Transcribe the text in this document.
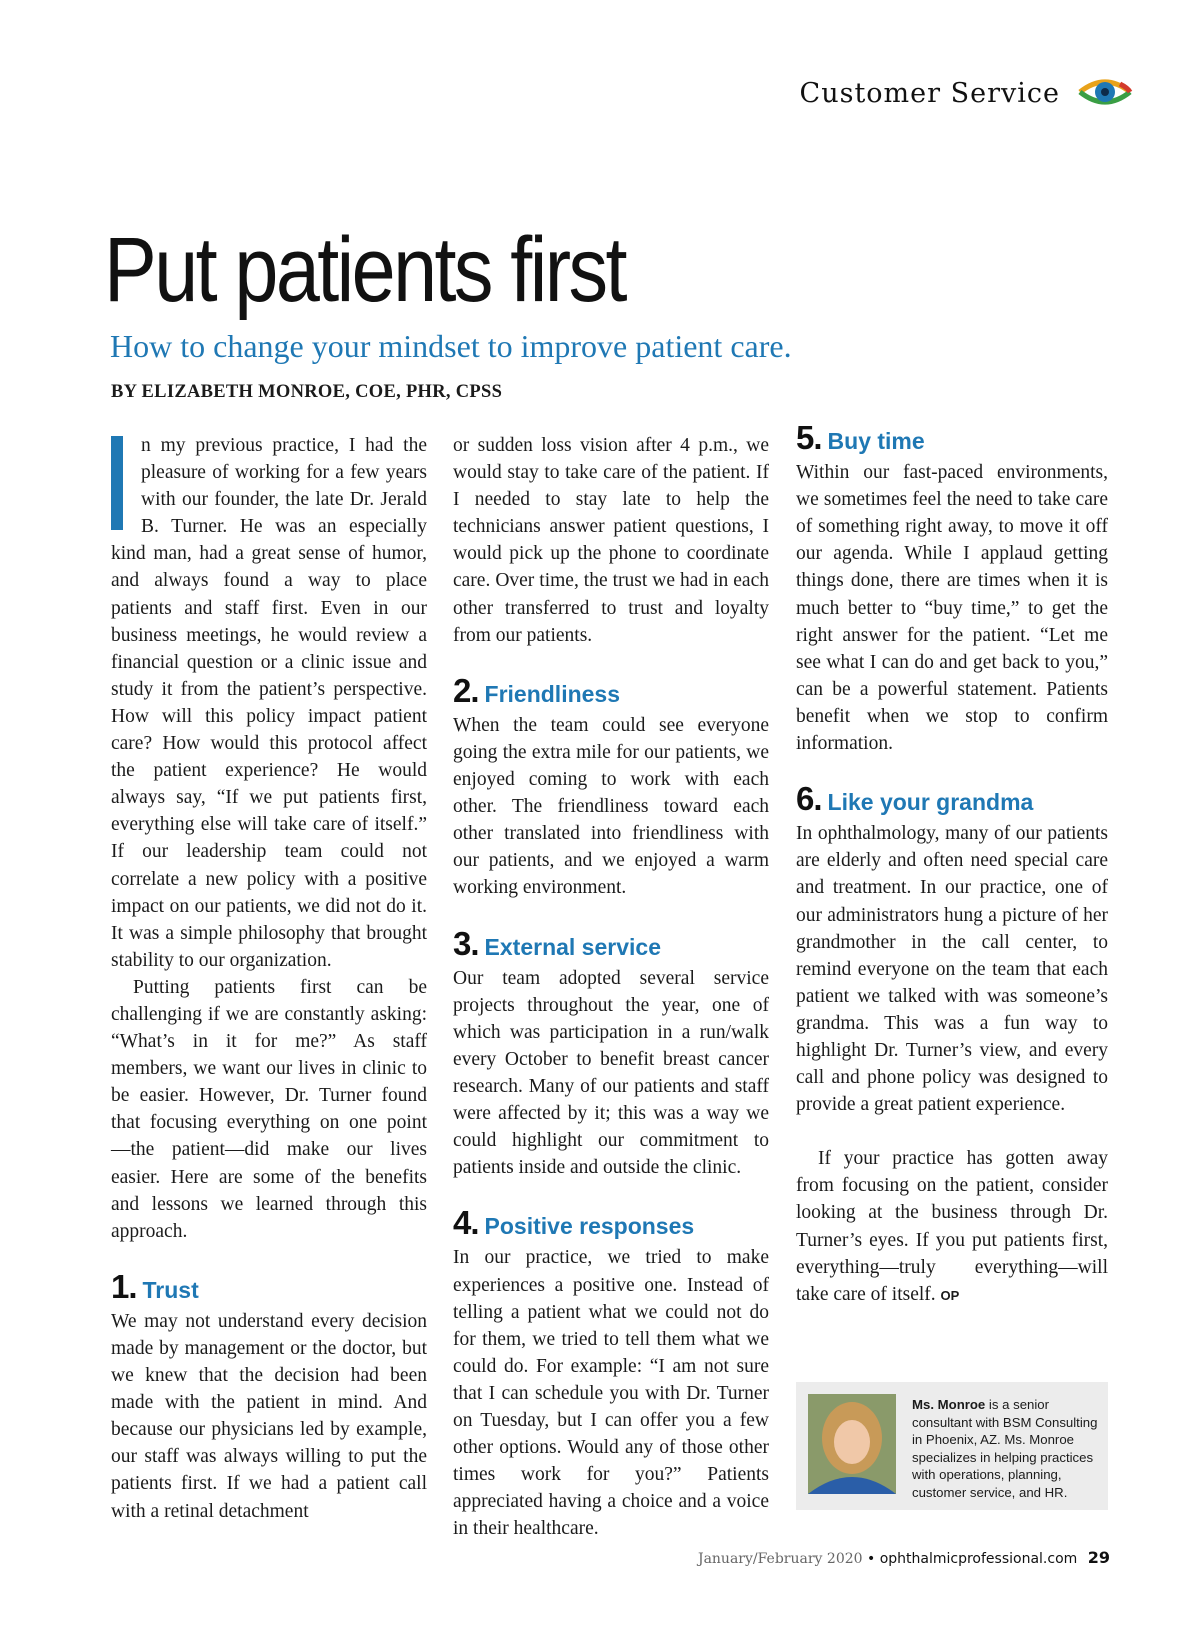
Customer Service
Put patients first
How to change your mindset to improve patient care.

BY ELIZABETH MONROE, COE, PHR, CPSS

n my previous practice, I had the pleasure of working for a few years with our founder, the late Dr. Jerald B. Turner. He was an especially kind man, had a great sense of humor, and always found a way to place patients and staff first. Even in our business meetings, he would review a financial question or a clinic issue and study it from the patient’s perspective. How will this policy impact patient care? How would this protocol affect the patient experience? He would always say, “If we put patients first, everything else will take care of itself.” If our leadership team could not correlate a new policy with a positive impact on our patients, we did not do it. It was a simple philosophy that brought stability to our organization.

Putting patients first can be challenging if we are constantly asking: “What’s in it for me?” As staff members, we want our lives in clinic to be easier. However, Dr. Turner found that focusing everything on one point —the patient—did make our lives easier. Here are some of the benefits and lessons we learned through this approach.

1. Trust

We may not understand every decision made by management or the doctor, but we knew that the decision had been made with the patient in mind. And because our physicians led by example, our staff was always willing to put the patients first. If we had a patient call with a retinal detachment

or sudden loss vision after 4 p.m., we would stay to take care of the patient. If I needed to stay late to help the technicians answer patient questions, I would pick up the phone to coordinate care. Over time, the trust we had in each other transferred to trust and loyalty from our patients.

2. Friendliness

When the team could see everyone going the extra mile for our patients, we enjoyed coming to work with each other. The friendliness toward each other translated into friendliness with our patients, and we enjoyed a warm working environment.

3. External service

Our team adopted several service projects throughout the year, one of which was participation in a run/walk every October to benefit breast cancer research. Many of our patients and staff were affected by it; this was a way we could highlight our commitment to patients inside and outside the clinic.

4. Positive responses

In our practice, we tried to make experiences a positive one. Instead of telling a patient what we could not do for them, we tried to tell them what we could do. For example: “I am not sure that I can schedule you with Dr. Turner on Tuesday, but I can offer you a few other options. Would any of those other times work for you?” Patients appreciated having a choice and a voice in their healthcare.

5. Buy time

Within our fast-paced environments, we sometimes feel the need to take care of something right away, to move it off our agenda. While I applaud getting things done, there are times when it is much better to “buy time,” to get the right answer for the patient. “Let me see what I can do and get back to you,” can be a powerful statement. Patients benefit when we stop to confirm information.

6. Like your grandma

In ophthalmology, many of our patients are elderly and often need special care and treatment. In our practice, one of our administrators hung a picture of her grandmother in the call center, to remind everyone on the team that each patient we talked with was someone’s grandma. This was a fun way to highlight Dr. Turner’s view, and every call and phone policy was designed to provide a great patient experience.

If your practice has gotten away from focusing on the patient, consider looking at the business through Dr. Turner’s eyes. If you put patients first, everything—truly everything—will take care of itself. OP

Ms. Monroe is a senior consultant with BSM Consulting in Phoenix, AZ. Ms. Monroe specializes in helping practices with operations, planning, customer service, and HR.
January/February 2020 • ophthalmicprofessional.com 29
